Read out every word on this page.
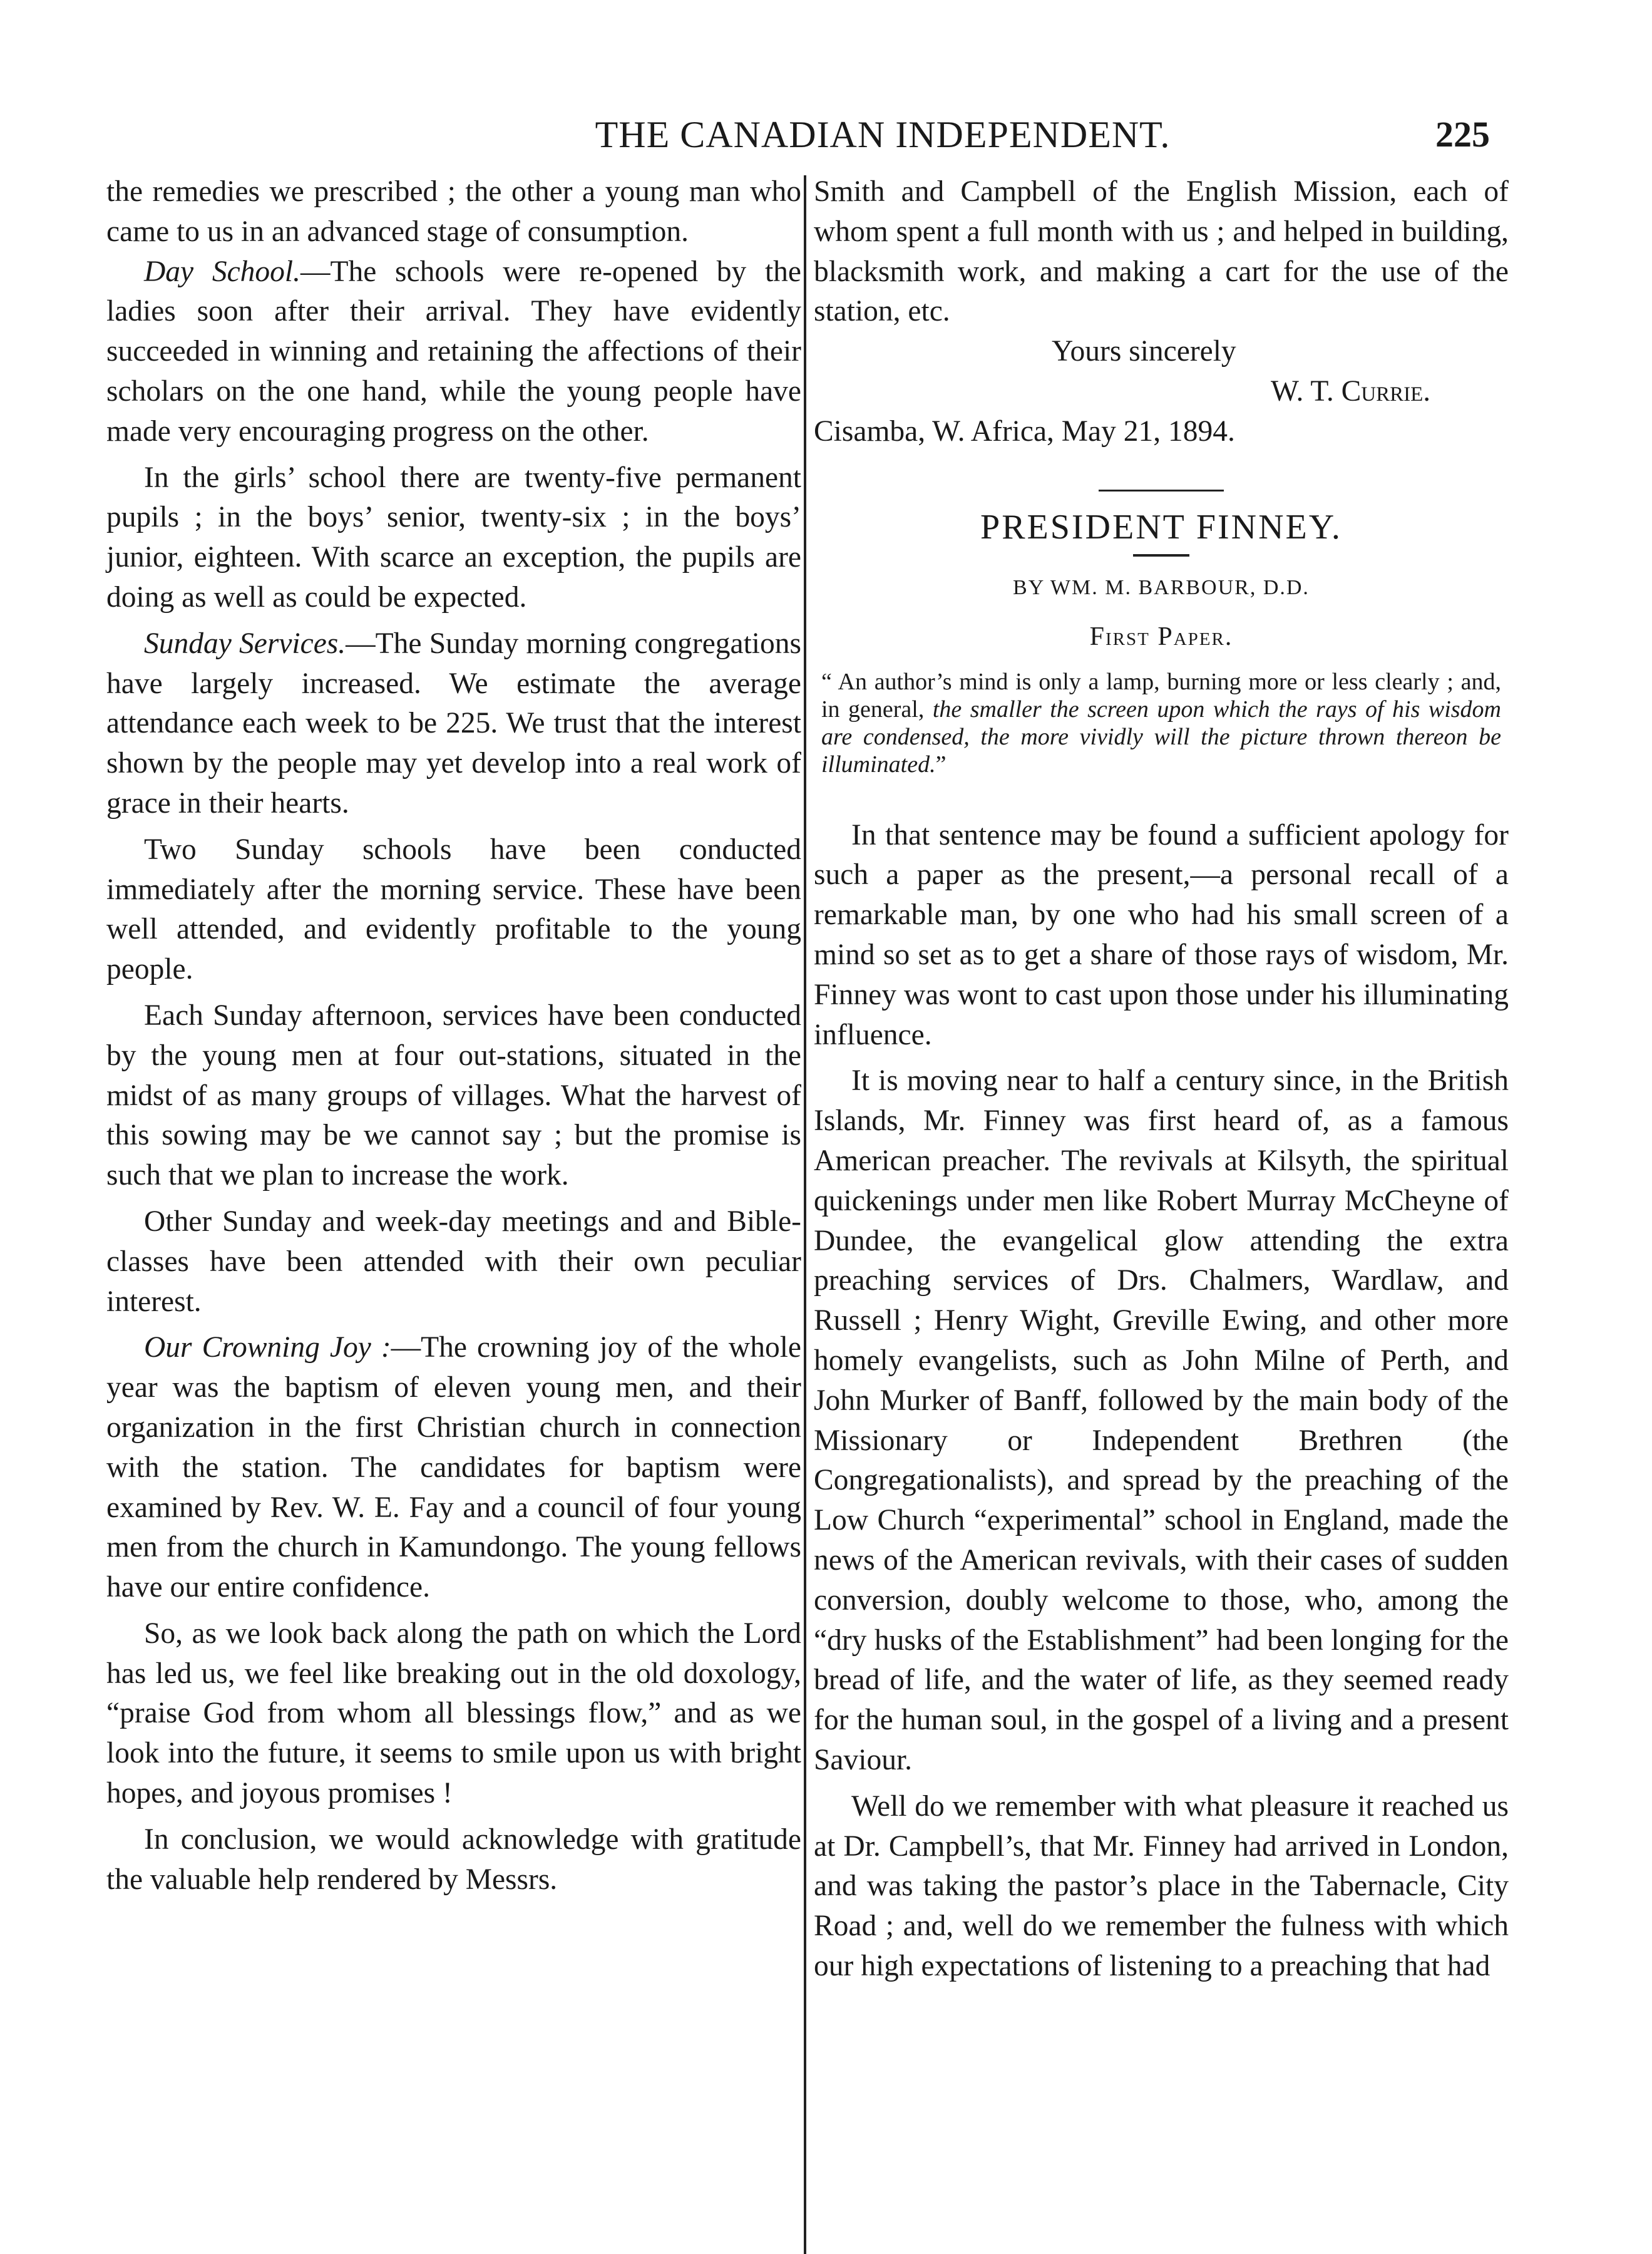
THE CANADIAN INDEPENDENT.	225

the remedies we prescribed ; the other a young man who came to us in an advanced stage of consumption.

Day School.—The schools were re-opened by the ladies soon after their arrival. They have evidently succeeded in winning and retaining the affections of their scholars on the one hand, while the young people have made very encouraging progress on the other.

In the girls’ school there are twenty-five permanent pupils ; in the boys’ senior, twenty-six ; in the boys’ junior, eighteen. With scarce an exception, the pupils are doing as well as could be expected.

Sunday Services.—The Sunday morning congregations have largely increased. We estimate the average attendance each week to be 225. We trust that the interest shown by the people may yet develop into a real work of grace in their hearts.

Two Sunday schools have been conducted immediately after the morning service. These have been well attended, and evidently profitable to the young people.

Each Sunday afternoon, services have been conducted by the young men at four out-stations, situated in the midst of as many groups of villages. What the harvest of this sowing may be we cannot say ; but the promise is such that we plan to increase the work.

Other Sunday and week-day meetings and and Bible-classes have been attended with their own peculiar interest.

Our Crowning Joy :—The crowning joy of the whole year was the baptism of eleven young men, and their organization in the first Christian church in connection with the station. The candidates for baptism were examined by Rev. W. E. Fay and a council of four young men from the church in Kamundongo. The young fellows have our entire confidence.

So, as we look back along the path on which the Lord has led us, we feel like breaking out in the old doxology, “praise God from whom all blessings flow,” and as we look into the future, it seems to smile upon us with bright hopes, and joyous promises !

In conclusion, we would acknowledge with gratitude the valuable help rendered by Messrs.

Smith and Campbell of the English Mission, each of whom spent a full month with us ; and helped in building, blacksmith work, and making a cart for the use of the station, etc.

Yours sincerely

W. T. Currie.

Cisamba, W. Africa, May 21, 1894.

PRESIDENT FINNEY.

BY WM. M. BARBOUR, D.D.

First Paper.

“ An author’s mind is only a lamp, burning more or less clearly ; and, in general, the smaller the screen upon which the rays of his wisdom are condensed, the more vividly will the picture thrown thereon be illuminated.”

In that sentence may be found a sufficient apology for such a paper as the present,—a personal recall of a remarkable man, by one who had his small screen of a mind so set as to get a share of those rays of wisdom, Mr. Finney was wont to cast upon those under his illuminating influence.

It is moving near to half a century since, in the British Islands, Mr. Finney was first heard of, as a famous American preacher. The revivals at Kilsyth, the spiritual quickenings under men like Robert Murray McCheyne of Dundee, the evangelical glow attending the extra preaching services of Drs. Chalmers, Wardlaw, and Russell ; Henry Wight, Greville Ewing, and other more homely evangelists, such as John Milne of Perth, and John Murker of Banff, followed by the main body of the Missionary or Independent Brethren (the Congregationalists), and spread by the preaching of the Low Church “experimental” school in England, made the news of the American revivals, with their cases of sudden conversion, doubly welcome to those, who, among the “dry husks of the Establishment” had been longing for the bread of life, and the water of life, as they seemed ready for the human soul, in the gospel of a living and a present Saviour.

Well do we remember with what pleasure it reached us at Dr. Campbell’s, that Mr. Finney had arrived in London, and was taking the pastor’s place in the Tabernacle, City Road ; and, well do we remember the fulness with which our high expectations of listening to a preaching that had
